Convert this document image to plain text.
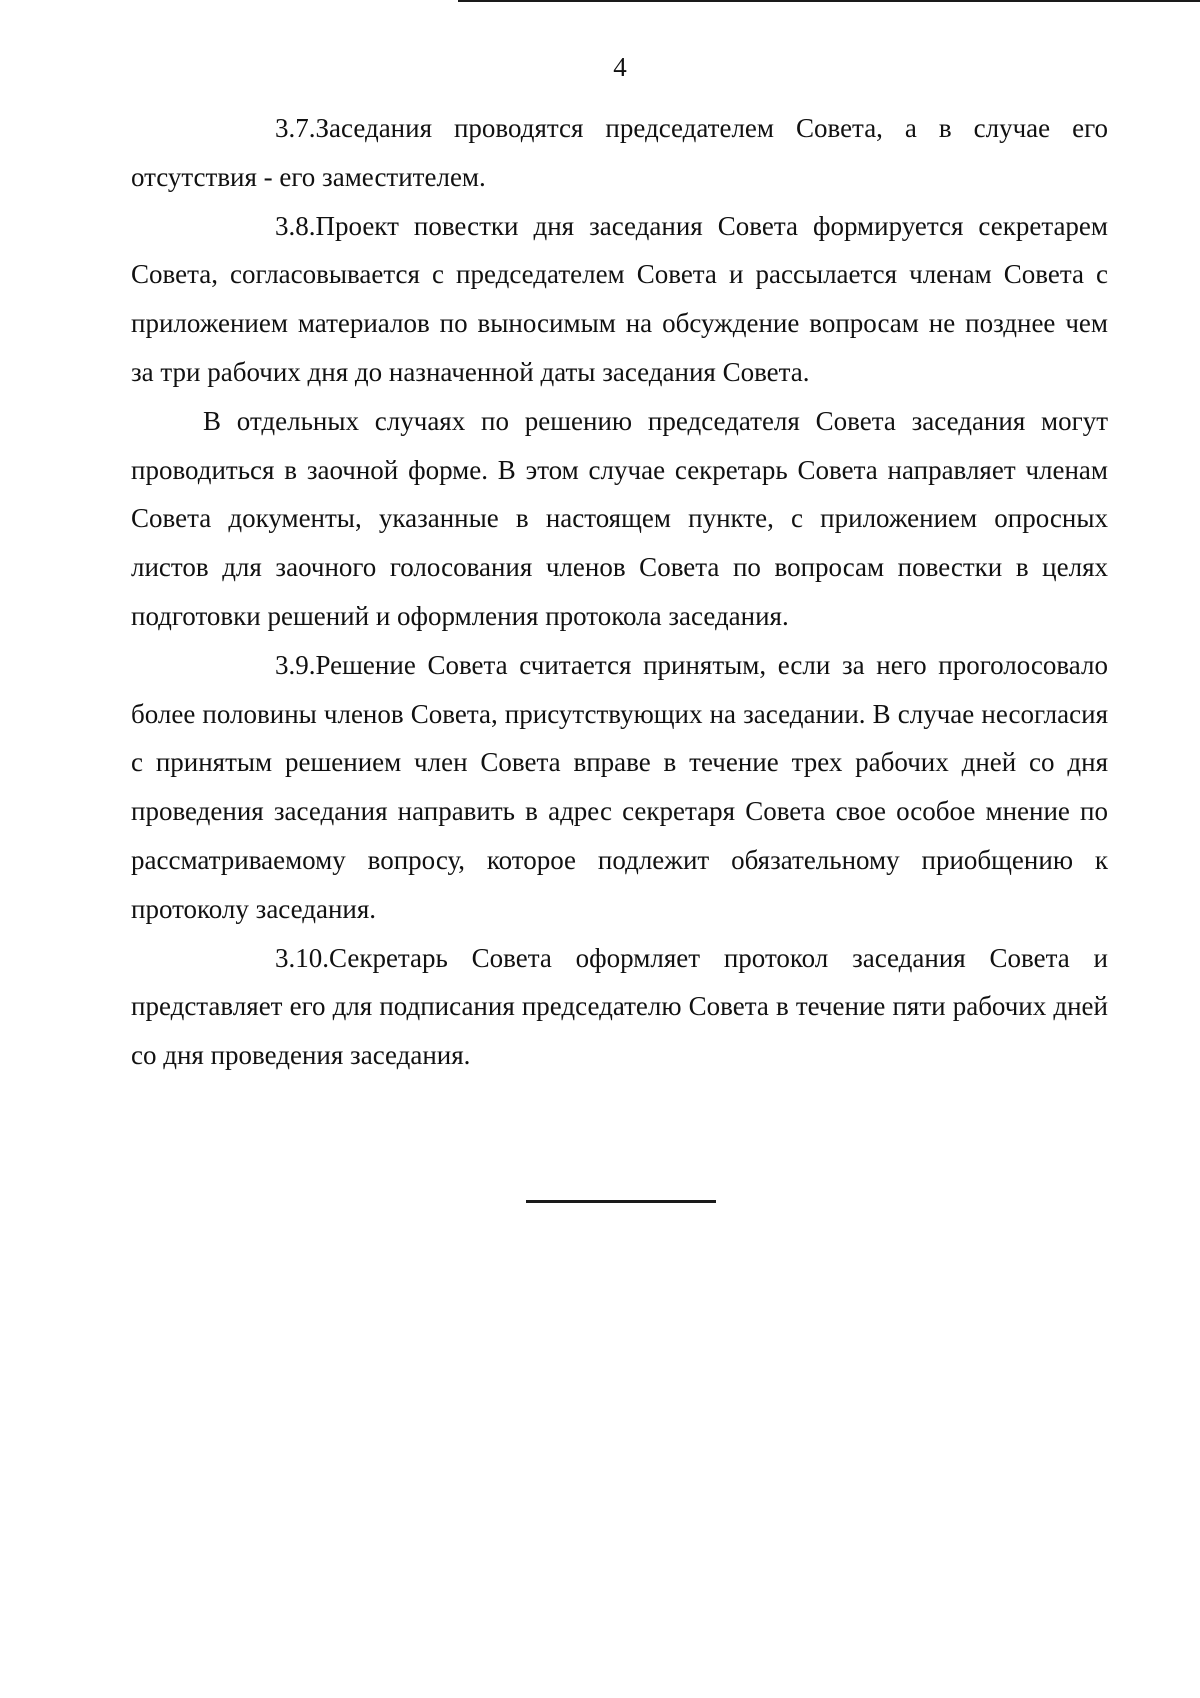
4

3.7.Заседания проводятся председателем Совета, а в случае его отсутствия - его заместителем.

3.8.Проект повестки дня заседания Совета формируется секретарем Совета, согласовывается с председателем Совета и рассылается членам Совета с приложением материалов по выносимым на обсуждение вопросам не позднее чем за три рабочих дня до назначенной даты заседания Совета.

В отдельных случаях по решению председателя Совета заседания могут проводиться в заочной форме. В этом случае секретарь Совета направляет членам Совета документы, указанные в настоящем пункте, с приложением опросных листов для заочного голосования членов Совета по вопросам повестки в целях подготовки решений и оформления протокола заседания.

3.9.Решение Совета считается принятым, если за него проголосовало более половины членов Совета, присутствующих на заседании. В случае несогласия с принятым решением член Совета вправе в течение трех рабочих дней со дня проведения заседания направить в адрес секретаря Совета свое особое мнение по рассматриваемому вопросу, которое подлежит обязательному приобщению к протоколу заседания.

3.10.Секретарь Совета оформляет протокол заседания Совета и представляет его для подписания председателю Совета в течение пяти рабочих дней со дня проведения заседания.
